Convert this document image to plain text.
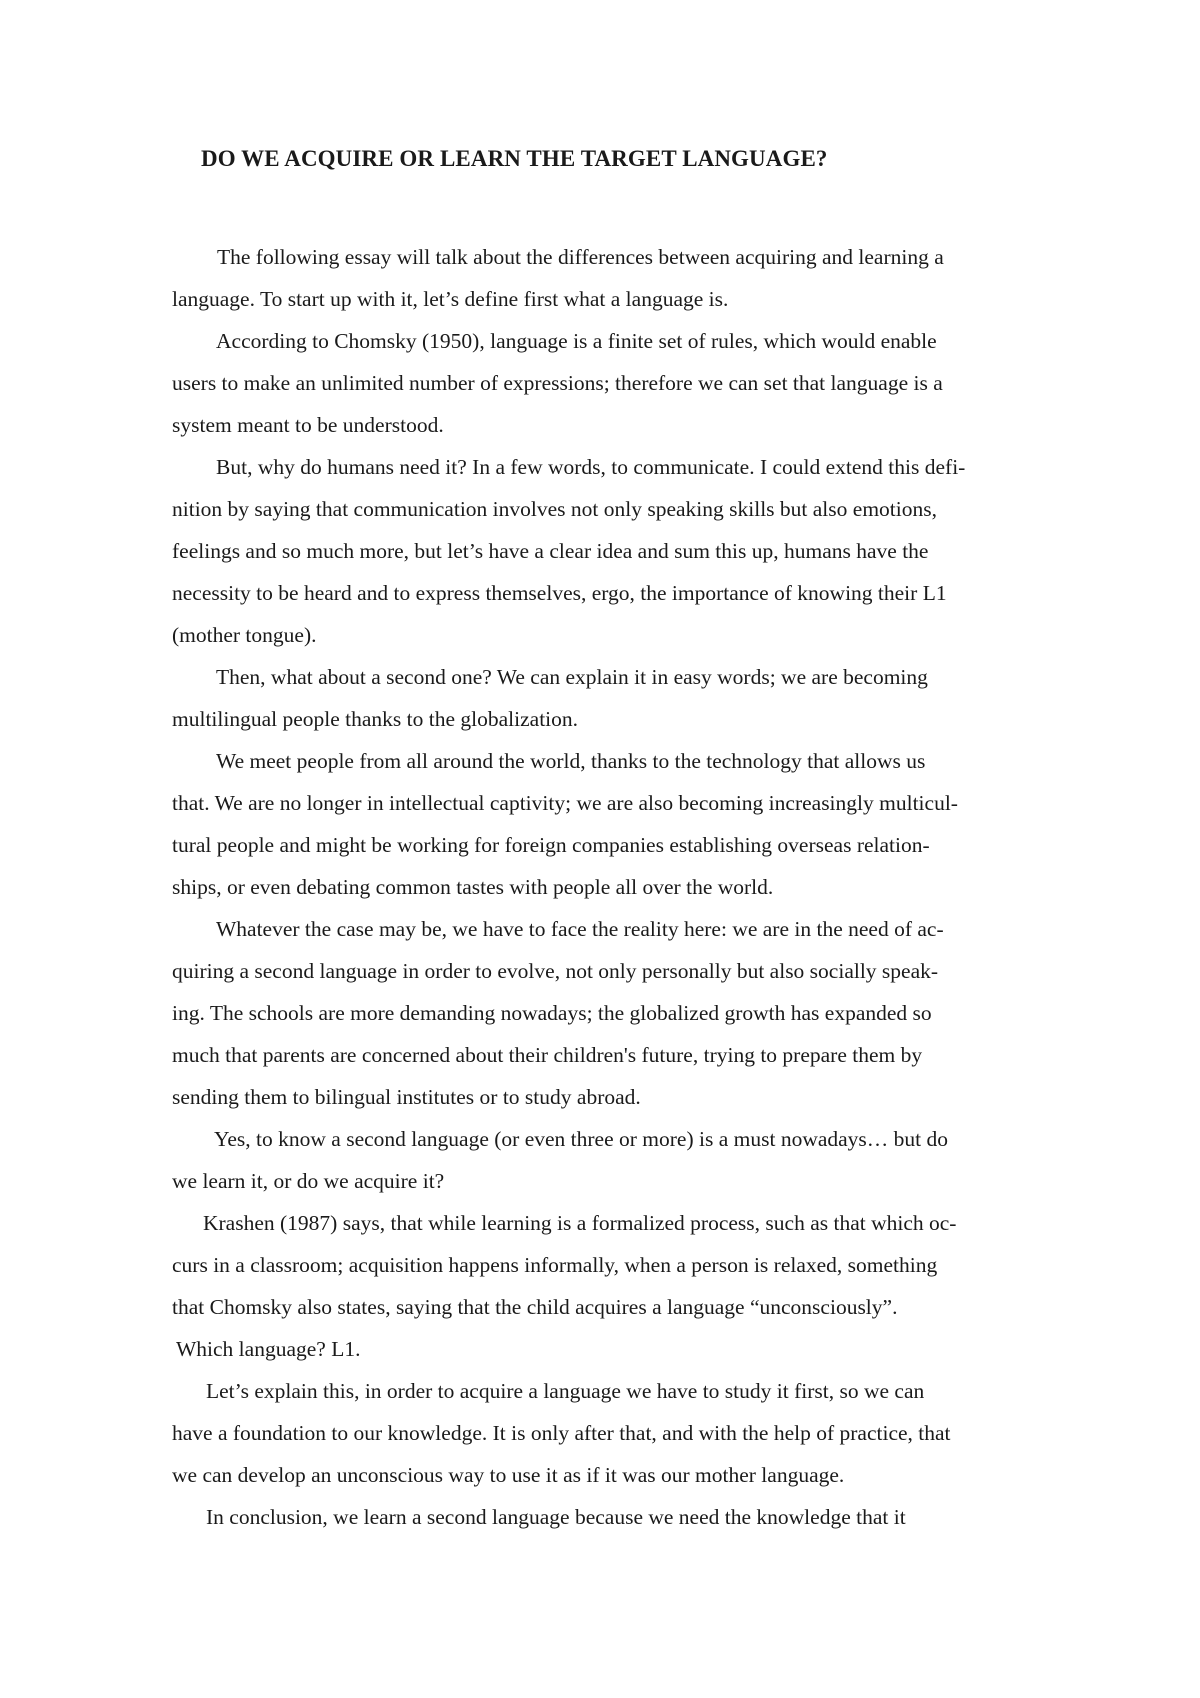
DO WE ACQUIRE OR LEARN THE TARGET LANGUAGE?
The following essay will talk about the differences between acquiring and learning a
language. To start up with it, let’s define first what a language is.
According to Chomsky (1950), language is a finite set of rules, which would enable
users to make an unlimited number of expressions; therefore we can set that language is a
system meant to be understood.
But, why do humans need it? In a few words, to communicate. I could extend this defi-
nition by saying that communication involves not only speaking skills but also emotions,
feelings and so much more, but let’s have a clear idea and sum this up, humans have the
necessity to be heard and to express themselves, ergo, the importance of knowing their L1
(mother tongue).
Then, what about a second one? We can explain it in easy words; we are becoming
multilingual people thanks to the globalization.
We meet people from all around the world, thanks to the technology that allows us
that. We are no longer in intellectual captivity; we are also becoming increasingly multicul-
tural people and might be working for foreign companies establishing overseas relation-
ships, or even debating common tastes with people all over the world.
Whatever the case may be, we have to face the reality here: we are in the need of ac-
quiring a second language in order to evolve, not only personally but also socially speak-
ing. The schools are more demanding nowadays; the globalized growth has expanded so
much that parents are concerned about their children's future, trying to prepare them by
sending them to bilingual institutes or to study abroad.
Yes, to know a second language (or even three or more) is a must nowadays… but do
we learn it, or do we acquire it?
Krashen (1987) says, that while learning is a formalized process, such as that which oc-
curs in a classroom; acquisition happens informally, when a person is relaxed, something
that Chomsky also states, saying that the child acquires a language “unconsciously”.
Which language? L1.
Let’s explain this, in order to acquire a language we have to study it first, so we can
have a foundation to our knowledge. It is only after that, and with the help of practice, that
we can develop an unconscious way to use it as if it was our mother language.
In conclusion, we learn a second language because we need the knowledge that it
